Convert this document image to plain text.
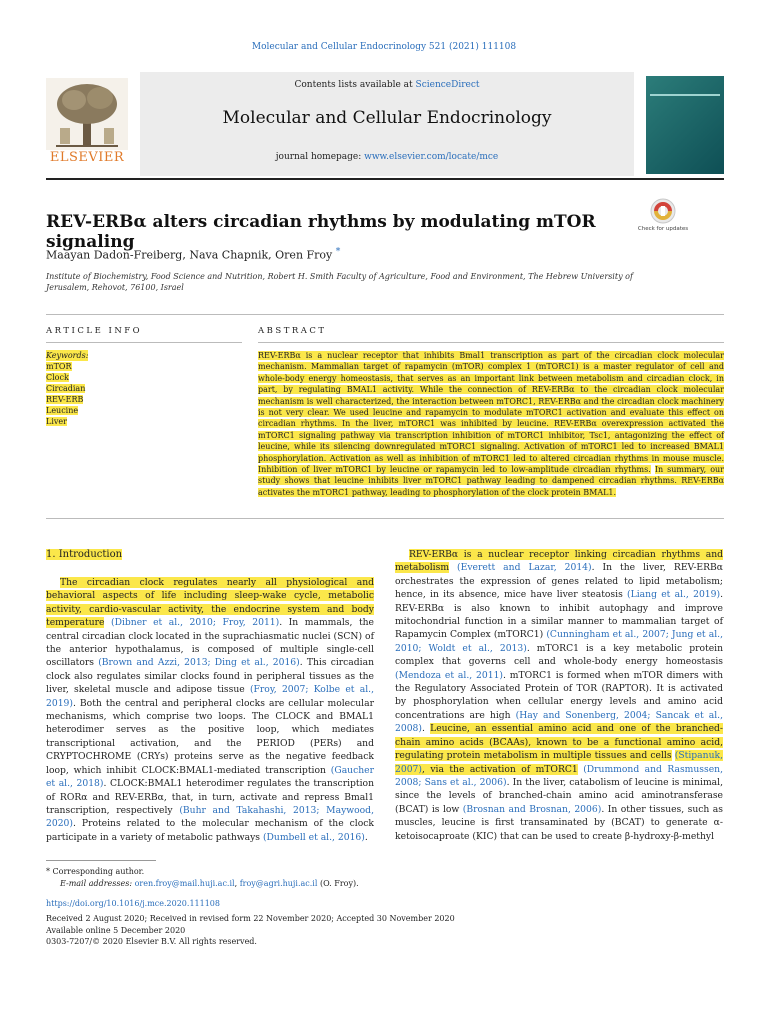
Molecular and Cellular Endocrinology 521 (2021) 111108
ELSEVIER
Contents lists available at ScienceDirect
Molecular and Cellular Endocrinology
journal homepage: www.elsevier.com/locate/mce
REV-ERBα alters circadian rhythms by modulating mTOR signaling
Check for updates
Maayan Dadon-Freiberg, Nava Chapnik, Oren Froy *
Institute of Biochemistry, Food Science and Nutrition, Robert H. Smith Faculty of Agriculture, Food and Environment, The Hebrew University of Jerusalem, Rehovot, 76100, Israel
ARTICLE INFO	ABSTRACT
Keywords:
mTOR
Clock
Circadian
REV-ERB
Leucine
Liver
REV-ERBα is a nuclear receptor that inhibits Bmal1 transcription as part of the circadian clock molecular mechanism. Mammalian target of rapamycin (mTOR) complex 1 (mTORC1) is a master regulator of cell and whole-body energy homeostasis, that serves as an important link between metabolism and circadian clock, in part, by regulating BMAL1 activity. While the connection of REV-ERBα to the circadian clock molecular mechanism is well characterized, the interaction between mTORC1, REV-ERBα and the circadian clock machinery is not very clear. We used leucine and rapamycin to modulate mTORC1 activation and evaluate this effect on circadian rhythms. In the liver, mTORC1 was inhibited by leucine. REV-ERBα overexpression activated the mTORC1 signaling pathway via transcription inhibition of mTORC1 inhibitor, Tsc1, antagonizing the effect of leucine, while its silencing downregulated mTORC1 signaling. Activation of mTORC1 led to increased BMAL1 phosphorylation. Activation as well as inhibition of mTORC1 led to altered circadian rhythms in mouse muscle. Inhibition of liver mTORC1 by leucine or rapamycin led to low-amplitude circadian rhythms. In summary, our study shows that leucine inhibits liver mTORC1 pathway leading to dampened circadian rhythms. REV-ERBα activates the mTORC1 pathway, leading to phosphorylation of the clock protein BMAL1.
1. Introduction

The circadian clock regulates nearly all physiological and behavioral aspects of life including sleep-wake cycle, metabolic activity, cardio-vascular activity, the endocrine system and body temperature (Dibner et al., 2010; Froy, 2011). In mammals, the central circadian clock located in the suprachiasmatic nuclei (SCN) of the anterior hypothalamus, is composed of multiple single-cell oscillators (Brown and Azzi, 2013; Ding et al., 2016). This circadian clock also regulates similar clocks found in peripheral tissues as the liver, skeletal muscle and adipose tissue (Froy, 2007; Kolbe et al., 2019). Both the central and peripheral clocks are cellular molecular mechanisms, which comprise two loops. The CLOCK and BMAL1 heterodimer serves as the positive loop, which mediates transcriptional activation, and the PERIOD (PERs) and CRYPTOCHROME (CRYs) proteins serve as the negative feedback loop, which inhibit CLOCK:BMAL1-mediated transcription (Gaucher et al., 2018). CLOCK:BMAL1 heterodimer regulates the transcription of RORα and REV-ERBα, that, in turn, activate and repress Bmal1 transcription, respectively (Buhr and Takahashi, 2013; Maywood, 2020). Proteins related to the molecular mechanism of the clock participate in a variety of metabolic pathways (Dumbell et al., 2016).

REV-ERBα is a nuclear receptor linking circadian rhythms and metabolism (Everett and Lazar, 2014). In the liver, REV-ERBα orchestrates the expression of genes related to lipid metabolism; hence, in its absence, mice have liver steatosis (Liang et al., 2019). REV-ERBα is also known to inhibit autophagy and improve mitochondrial function in a similar manner to mammalian target of Rapamycin Complex (mTORC1) (Cunningham et al., 2007; Jung et al., 2010; Woldt et al., 2013). mTORC1 is a key metabolic protein complex that governs cell and whole-body energy homeostasis (Mendoza et al., 2011). mTORC1 is formed when mTOR dimers with the Regulatory Associated Protein of TOR (RAPTOR). It is activated by phosphorylation when cellular energy levels and amino acid concentrations are high (Hay and Sonenberg, 2004; Sancak et al., 2008). Leucine, an essential amino acid and one of the branched-chain amino acids (BCAAs), known to be a functional amino acid, regulating protein metabolism in multiple tissues and cells (Stipanuk, 2007), via the activation of mTORC1 (Drummond and Rasmussen, 2008; Sans et al., 2006). In the liver, catabolism of leucine is minimal, since the levels of branched-chain amino acid aminotransferase (BCAT) is low (Brosnan and Brosnan, 2006). In other tissues, such as muscles, leucine is first transaminated by (BCAT) to generate α-ketoisocaproate (KIC) that can be used to create β-hydroxy-β-methyl

* Corresponding author.
E-mail addresses: oren.froy@mail.huji.ac.il, froy@agri.huji.ac.il (O. Froy).
https://doi.org/10.1016/j.mce.2020.111108
Received 2 August 2020; Received in revised form 22 November 2020; Accepted 30 November 2020
Available online 5 December 2020
0303-7207/© 2020 Elsevier B.V. All rights reserved.
